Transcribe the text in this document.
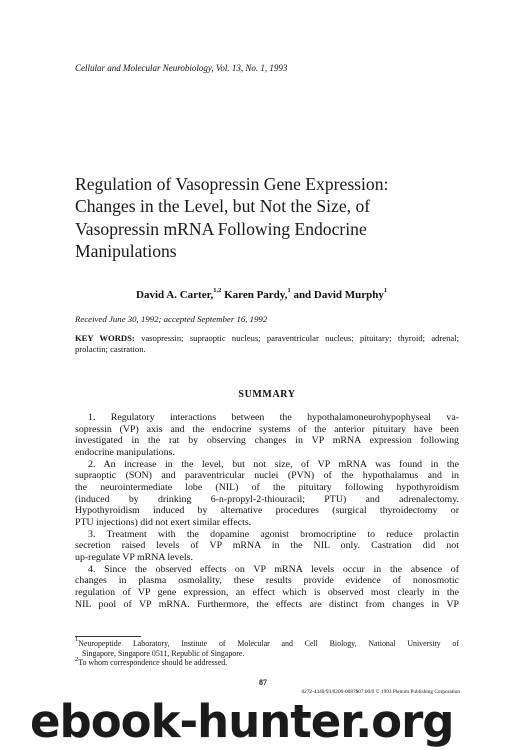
Cellular and Molecular Neurobiology, Vol. 13, No. 1, 1993
Regulation of Vasopressin Gene Expression:
Changes in the Level, but Not the Size, of
Vasopressin mRNA Following Endocrine
Manipulations
David A. Carter,$^{1,2}$ Karen Pardy,$^1$ and David Murphy$^1$
Received June 30, 1992; accepted September 16, 1992
KEY WORDS: vasopressin; supraoptic nucleus; paraventricular nucleus; pituitary; thyroid; adrenal;
prolactin; castration.
SUMMARY

1. Regulatory interactions between the hypothalamoneurohypophyseal va-
sopressin (VP) axis and the endocrine systems of the anterior pituitary have been
investigated in the rat by observing changes in VP mRNA expression following
endocrine manipulations.

2. An increase in the level, but not size, of VP mRNA was found in the
supraoptic (SON) and paraventricular nuclei (PVN) of the hypothalamus and in
the neurointermediate lobe (NIL) of the pituitary following hypothyroidism
(induced by drinking 6-n-propyl-2-thiouracil; PTU) and adrenalectomy.
Hypothyroidism induced by alternative procedures (surgical thyroidectomy or
PTU injections) did not exert similar effects.

3. Treatment with the dopamine agonist bromocriptine to reduce prolactin
secretion raised levels of VP mRNA in the NIL only. Castration did not
up-regulate VP mRNA levels.

4. Since the observed effects on VP mRNA levels occur in the absence of
changes in plasma osmolality, these results provide evidence of nonosmotic
regulation of VP gene expression, an effect which is observed most clearly in the
NIL pool of VP mRNA. Furthermore, the effects are distinct from changes in VP

$^1$Neuropeptide Laboratory, Institute of Molecular and Cell Biology, National University of
Singapore, Singapore 0511, Republic of Singapore.
$^2$To whom correspondence should be addressed.
87
0272-4340/93/0200-0087$07.00/0 © 1993 Plenum Publishing Corporation
ebook-hunter.org
